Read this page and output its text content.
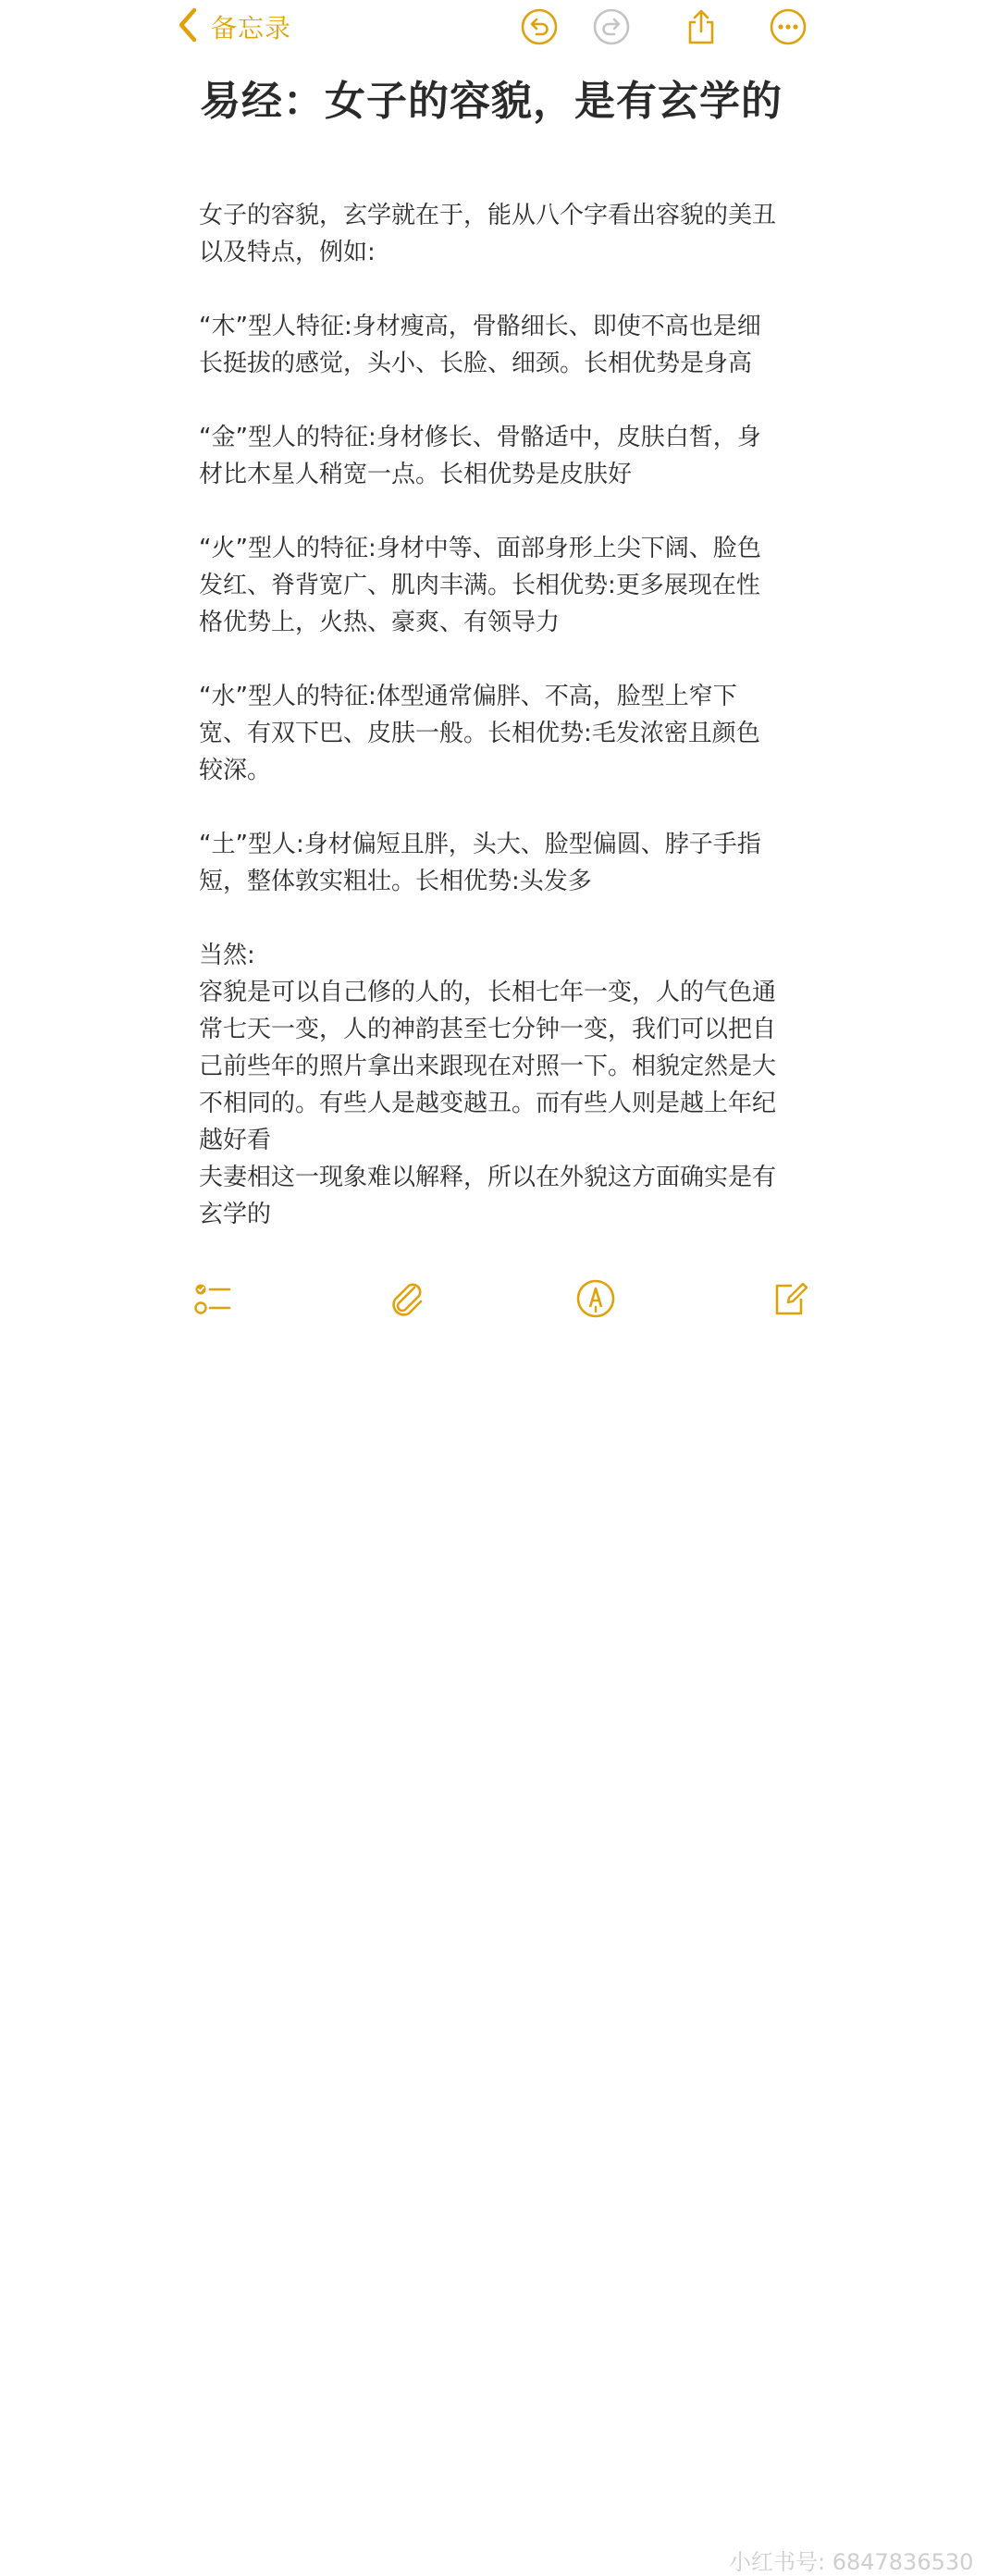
备忘录
易经：女子的容貌，是有玄学的

女子的容貌，玄学就在于，能从八个字看出容貌的美丑以及特点，例如:

“木”型人特征:身材瘦高，骨骼细长、即使不高也是细长挺拔的感觉，头小、长脸、细颈。长相优势是身高

“金”型人的特征:身材修长、骨骼适中，皮肤白皙，身材比木星人稍宽一点。长相优势是皮肤好

“火”型人的特征:身材中等、面部身形上尖下阔、脸色发红、脊背宽广、肌肉丰满。长相优势:更多展现在性格优势上，火热、豪爽、有领导力

“水”型人的特征:体型通常偏胖、不高，脸型上窄下宽、有双下巴、皮肤一般。长相优势:毛发浓密且颜色较深。

“土”型人:身材偏短且胖，头大、脸型偏圆、脖子手指短，整体敦实粗壮。长相优势:头发多

当然:

容貌是可以自己修的人的，长相七年一变，人的气色通常七天一变，人的神韵甚至七分钟一变，我们可以把自己前些年的照片拿出来跟现在对照一下。相貌定然是大不相同的。有些人是越变越丑。而有些人则是越上年纪越好看

夫妻相这一现象难以解释，所以在外貌这方面确实是有玄学的

小红书号: 6847836530
